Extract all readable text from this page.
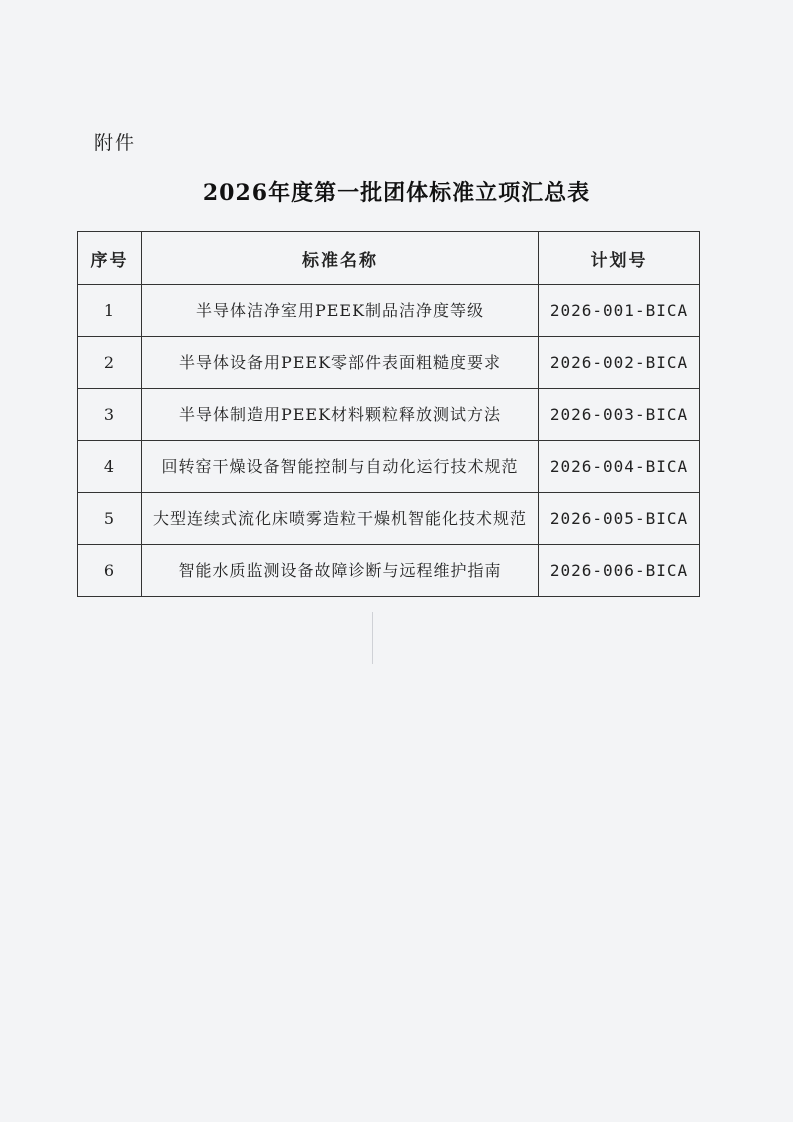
附件
2026年度第一批团体标准立项汇总表
序号	标准名称	计划号
1	半导体洁净室用PEEK制品洁净度等级	2026-001-BICA
2	半导体设备用PEEK零部件表面粗糙度要求	2026-002-BICA
3	半导体制造用PEEK材料颗粒释放测试方法	2026-003-BICA
4	回转窑干燥设备智能控制与自动化运行技术规范	2026-004-BICA
5	大型连续式流化床喷雾造粒干燥机智能化技术规范	2026-005-BICA
6	智能水质监测设备故障诊断与远程维护指南	2026-006-BICA
